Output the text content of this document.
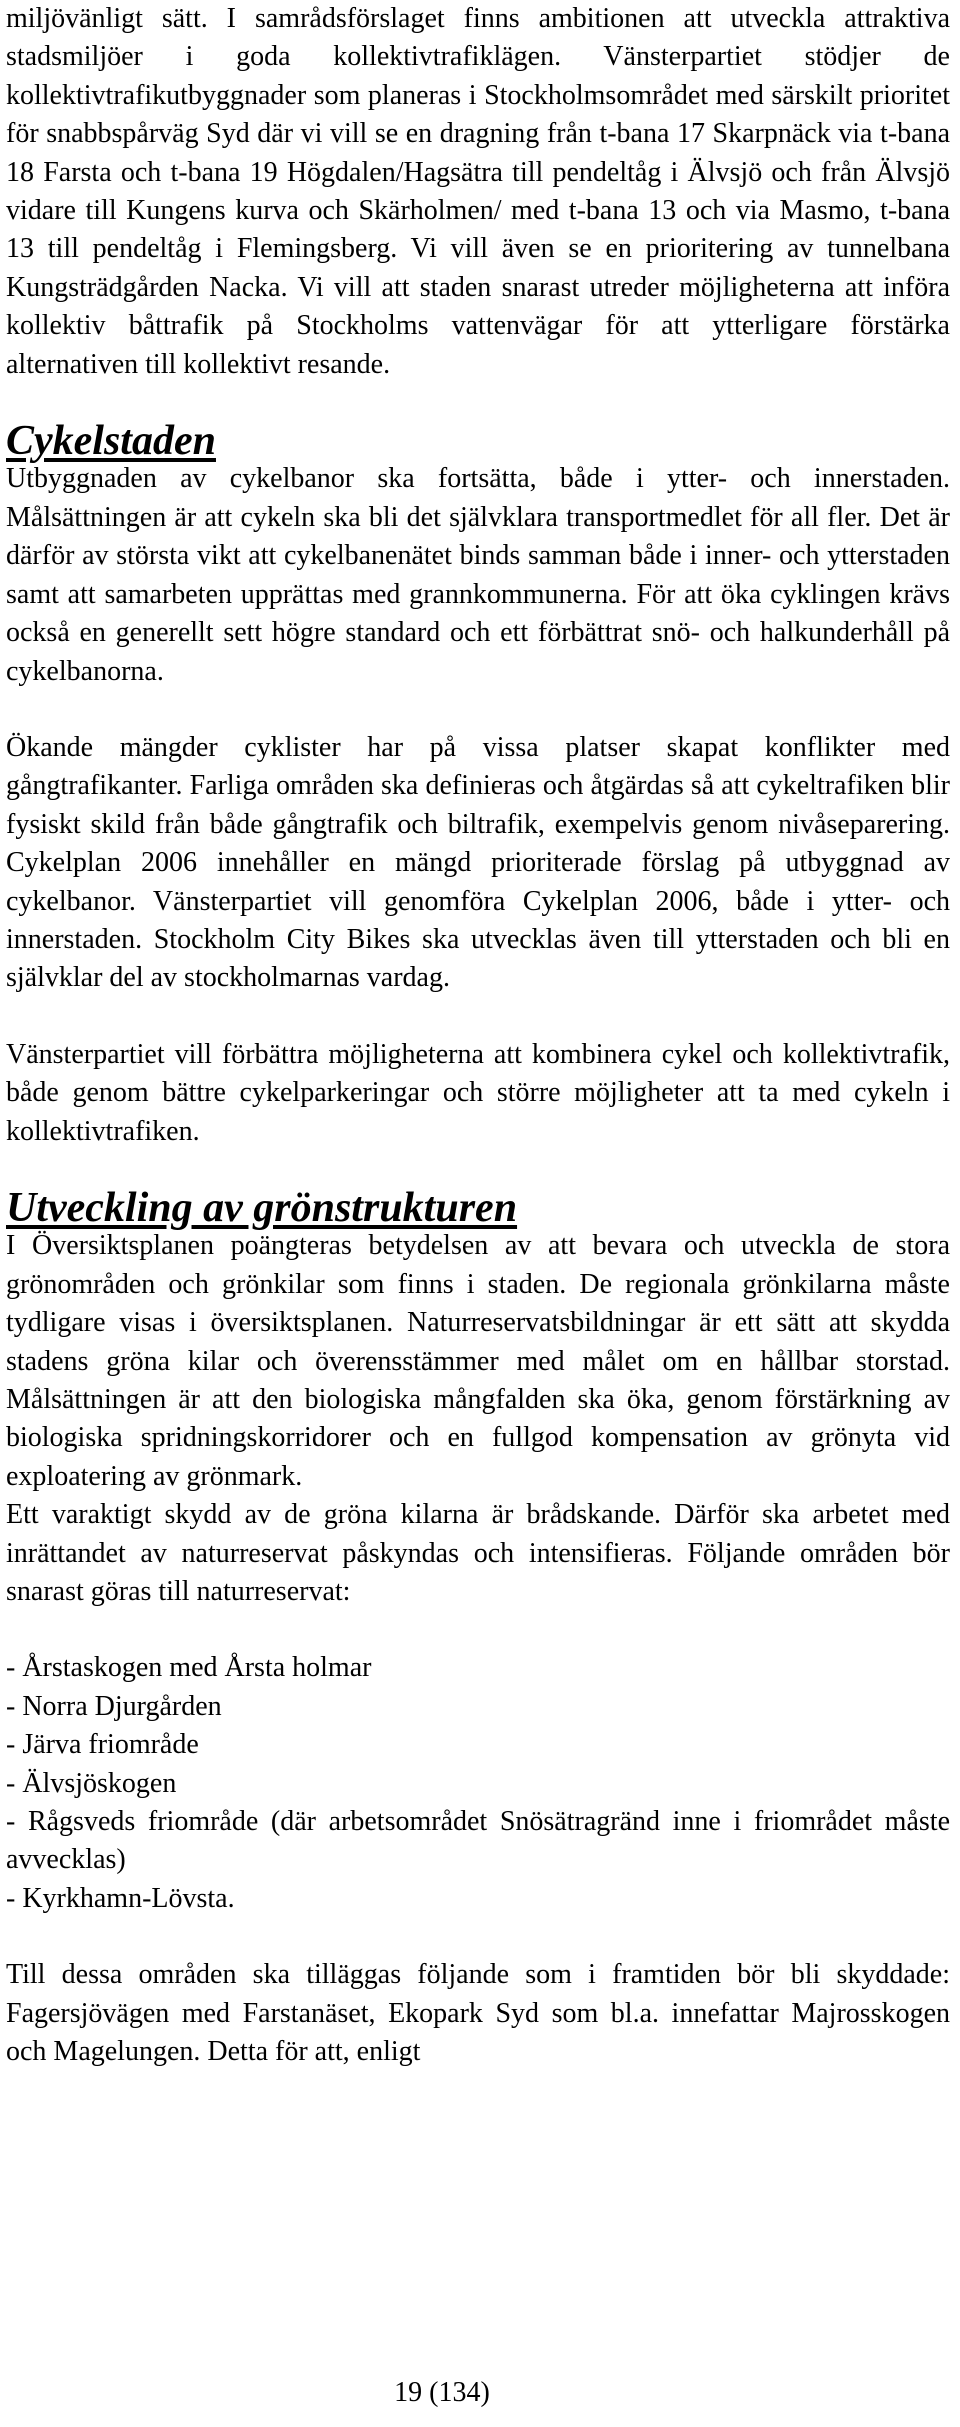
miljövänligt sätt. I samrådsförslaget finns ambitionen att utveckla attraktiva stadsmiljöer i goda kollektivtrafiklägen. Vänsterpartiet stödjer de kollektivtrafikutbyggnader som planeras i Stockholmsområdet med särskilt prioritet för snabbspårväg Syd där vi vill se en dragning från t-bana 17 Skarpnäck via t-bana 18 Farsta och t-bana 19 Högdalen/Hagsätra till pendeltåg i Älvsjö och från Älvsjö vidare till Kungens kurva och Skärholmen/ med t-bana 13 och via Masmo, t-bana 13 till pendeltåg i Flemingsberg. Vi vill även se en prioritering av tunnelbana Kungsträdgården Nacka. Vi vill att staden snarast utreder möjligheterna att införa kollektiv båttrafik på Stockholms vattenvägar för att ytterligare förstärka alternativen till kollektivt resande.

Cykelstaden

Utbyggnaden av cykelbanor ska fortsätta, både i ytter- och innerstaden. Målsättningen är att cykeln ska bli det självklara transportmedlet för all fler. Det är därför av största vikt att cykelbanenätet binds samman både i inner- och ytterstaden samt att samarbeten upprättas med grannkommunerna. För att öka cyklingen krävs också en generellt sett högre standard och ett förbättrat snö- och halkunderhåll på cykelbanorna.

Ökande mängder cyklister har på vissa platser skapat konflikter med gångtrafikanter. Farliga områden ska definieras och åtgärdas så att cykeltrafiken blir fysiskt skild från både gångtrafik och biltrafik, exempelvis genom nivåseparering. Cykelplan 2006 innehåller en mängd prioriterade förslag på utbyggnad av cykelbanor. Vänsterpartiet vill genomföra Cykelplan 2006, både i ytter- och innerstaden. Stockholm City Bikes ska utvecklas även till ytterstaden och bli en självklar del av stockholmarnas vardag.

Vänsterpartiet vill förbättra möjligheterna att kombinera cykel och kollektivtrafik, både genom bättre cykelparkeringar och större möjligheter att ta med cykeln i kollektivtrafiken.

Utveckling av grönstrukturen

I Översiktsplanen poängteras betydelsen av att bevara och utveckla de stora grönområden och grönkilar som finns i staden. De regionala grönkilarna måste tydligare visas i översiktsplanen. Naturreservatsbildningar är ett sätt att skydda stadens gröna kilar och överensstämmer med målet om en hållbar storstad. Målsättningen är att den biologiska mångfalden ska öka, genom förstärkning av biologiska spridningskorridorer och en fullgod kompensation av grönyta vid exploatering av grönmark.

Ett varaktigt skydd av de gröna kilarna är brådskande. Därför ska arbetet med inrättandet av naturreservat påskyndas och intensifieras. Följande områden bör snarast göras till naturreservat:

- Årstaskogen med Årsta holmar
- Norra Djurgården
- Järva friområde
- Älvsjöskogen
- Rågsveds friområde (där arbetsområdet Snösätragränd inne i friområdet måste avvecklas)
- Kyrkhamn-Lövsta.

Till dessa områden ska tilläggas följande som i framtiden bör bli skyddade: Fagersjövägen med Farstanäset, Ekopark Syd som bl.a. innefattar Majrosskogen och Magelungen. Detta för att, enligt

19 (134)
